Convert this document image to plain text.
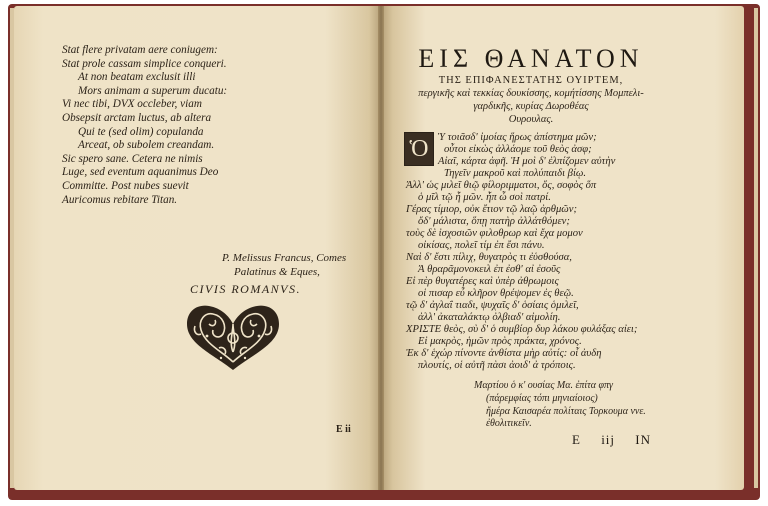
Stat flere privatam aere coniugem:
Stat prole cassam simplice conqueri.
At non beatam exclusit illi
Mors animam a superum ducatu:
Vi nec tibi, DVX occleber, viam
Obsepsit arctam luctus, ab altera
Qui te (sed olim) copulanda
Arceat, ob subolem creandam.
Sic spero sane. Cetera ne nimis
Luge, sed eventum aquanimus Deo
Committe. Post nubes suevit
Auricomus rebitare Titan.
P. Melissus Francus, Comes
Palatinus & Eques,
CIVIS ROMANVS.
E ii
ΕΙΣ ΘΑΝΑΤΟΝ
ΤΗΣ ΕΠΙΦΑΝΕΣΤΑΤΗΣ ΟΥΙΡΤΕΜ,
περγικῆς καὶ τεκκίας δουκίσσης, κομήτίσσης Μομπελι-
γαρδικῆς, κυρίας Δωροθέας
Ουρουλας.
Ὁ Ὑ τοιᾶσδ' ἰμοίας ἥρως ἀπίστημα μῶν;
οὖτοι εἰκὼς ἀλλάομε τοῦ θεὸς ἀσφ;
Αἰαῖ, κάρτα ἀφῆ. Ἡ μοὶ δ' ἐλπίζομεν αὐτὴν
Τηγεῖν μακροῦ καὶ πολύπαιδι βίῳ.
Ἀλλ' ὡς μιλεῖ θιῷ φίλοριμματοι, ὅς, σοφὸς ὅπ
ὁ μῖλ τῷ ἦ μῶν. ἦπ ὦ σοὶ πατρί.
Γέρας τίμιορ, οὐκ ἔτιον τῷ λαῷ ἀρθμῶν;
ὅδ' μάλιστα, ὅπῃ πατὴρ ἀλλάτθόμεν;
τοὺς δὲ ἰσχοσιῶν φιλοθρωρ καὶ ἔχα μομον
οἰκίσας, πολεῖ τίμ ἐπ ἔσι πάνυ.
Ναὶ δ' ἔστι πίλιχ, θυγατρὸς τι ἐὑσθούσα,
Ἀ θραρᾶμονοκειλ ἐπ ἐσθ' αἰ ἐσοῦς
Εἰ πὲρ θυγατέρες καὶ ὑπὲρ ἀθρωμοις
οἱ πισαρ εὖ κλῆρον θρέψομεν ἐς θεῷ.
τῷ δ' ἀγλαΐ τιαδι, ψυχαῖς δ' ὁσίαις ὁμιλεῖ,
ἀλλ' ἀκαταλάκτῳ ὀλβιαδ' αἰμολίη.
ΧΡΙΣΤΕ θεὸς, σὺ δ' ὁ συμβίορ δυρ λάκου φυλάξας αἰει;
Εἰ μακρὸς, ἡμῶν πρὸς πράκτα, χρόνος.
Ἐκ δ' ἑχώρ πίνοντε ἀνθίστα μὴρ αὐτίς: οἷ ἀυδη
πλουτίς, οἱ αὐτῆ πὰσι ἀοιδ' ἀ τρόποις.
Μαρτίου ὁ κ' ουσίας Μα. ἐπίτα φπγ
(πάρεμφίας τόπι μηνιαίοιος)
ἤμέρα Καισαρέα πολίταις Τορκουμα ννε.
ἐθολιτικεῖν.
E iij IN
